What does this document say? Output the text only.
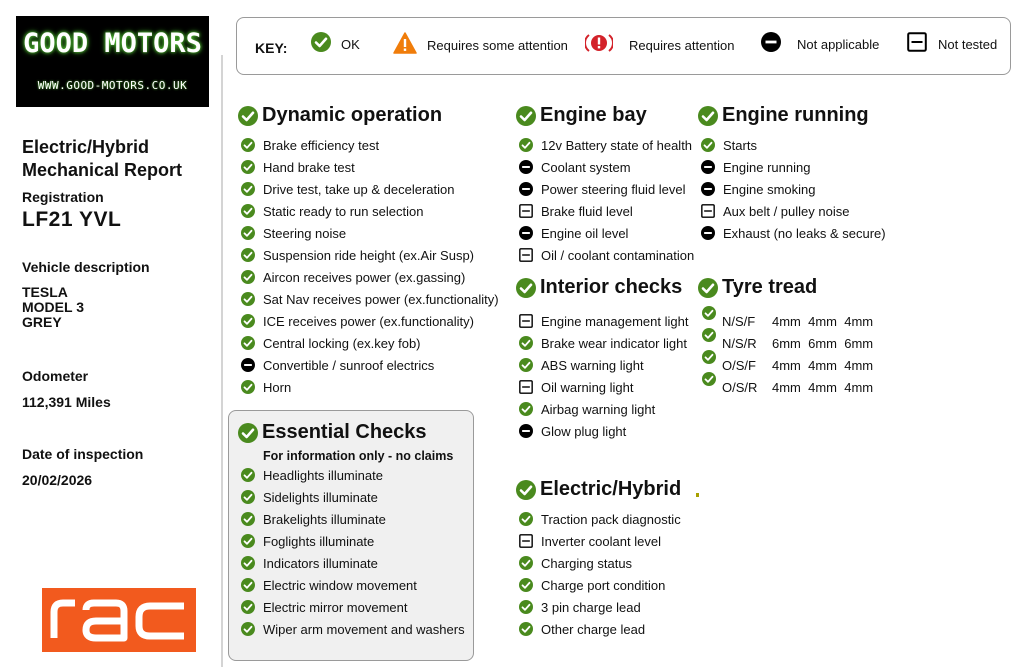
GOOD MOTORS
WWW.GOOD-MOTORS.CO.UK
Electric/Hybrid
Mechanical Report
Registration
LF21 YVL
Vehicle description
TESLA
MODEL 3
GREY
Odometer
112,391 Miles
Date of inspection
20/02/2026
KEY:	OK	Requires some attention	Requires attention	Not applicable	Not tested
For information only - no claims
Dynamic operation
Essential Checks
Engine bay
Interior checks
Electric/Hybrid
Engine running
Tyre tread
Brake efficiency test
Hand brake test
Drive test, take up & deceleration
Static ready to run selection
Steering noise
Suspension ride height (ex.Air Susp)
Aircon receives power (ex.gassing)
Sat Nav receives power (ex.functionality)
ICE receives power (ex.functionality)
Central locking (ex.key fob)
Convertible / sunroof electrics
Horn
Headlights illuminate
Sidelights illuminate
Brakelights illuminate
Foglights illuminate
Indicators illuminate
Electric window movement
Electric mirror movement
Wiper arm movement and washers
12v Battery state of health
Coolant system
Power steering fluid level
Brake fluid level
Engine oil level
Oil / coolant contamination
Engine management light
Brake wear indicator light
ABS warning light
Oil warning light
Airbag warning light
Glow plug light
Traction pack diagnostic
Inverter coolant level
Charging status
Charge port condition
3 pin charge lead
Other charge lead
Starts
Engine running
Engine smoking
Aux belt / pulley noise
Exhaust (no leaks & secure)
N/S/F 4mm  4mm  4mm
N/S/R 6mm  6mm  6mm
O/S/F 4mm  4mm  4mm
O/S/R 4mm  4mm  4mm
